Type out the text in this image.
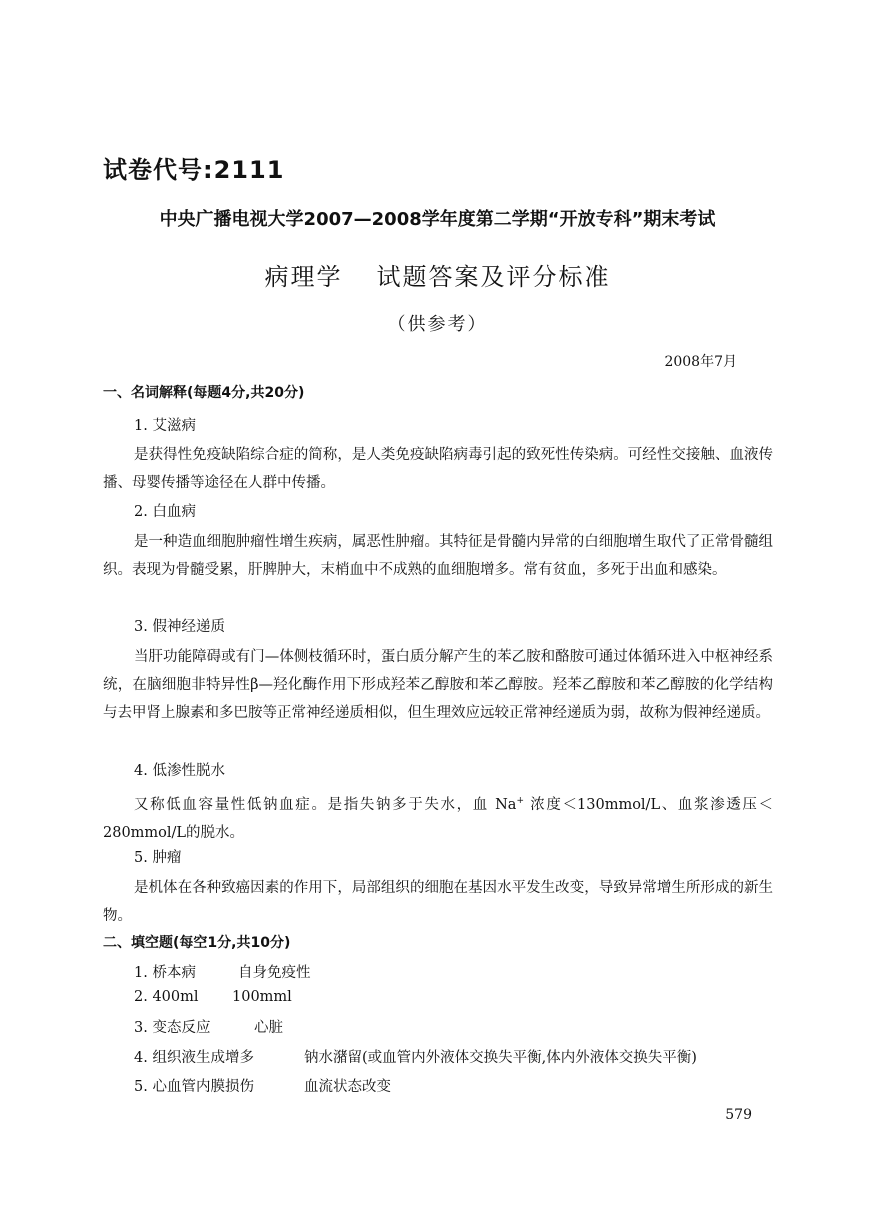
试卷代号:2111
中央广播电视大学2007—2008学年度第二学期“开放专科”期末考试
病理学 试题答案及评分标准
（供参考）
2008年7月
一、名词解释(每题4分,共20分)
1. 艾滋病

是获得性免疫缺陷综合症的简称，是人类免疫缺陷病毒引起的致死性传染病。可经性交接触、血液传播、母婴传播等途径在人群中传播。

2. 白血病

是一种造血细胞肿瘤性增生疾病，属恶性肿瘤。其特征是骨髓内异常的白细胞增生取代了正常骨髓组织。表现为骨髓受累，肝脾肿大，末梢血中不成熟的血细胞增多。常有贫血，多死于出血和感染。

3. 假神经递质

当肝功能障碍或有门—体侧枝循环时，蛋白质分解产生的苯乙胺和酪胺可通过体循环进入中枢神经系统，在脑细胞非特异性β—羟化酶作用下形成羟苯乙醇胺和苯乙醇胺。羟苯乙醇胺和苯乙醇胺的化学结构与去甲肾上腺素和多巴胺等正常神经递质相似，但生理效应远较正常神经递质为弱，故称为假神经递质。

4. 低渗性脱水

又称低血容量性低钠血症。是指失钠多于失水，血 Na+ 浓度＜130mmol/L、血浆渗透压＜280mmol/L的脱水。

5. 肿瘤

是机体在各种致癌因素的作用下，局部组织的细胞在基因水平发生改变，导致异常增生所形成的新生物。

二、填空题(每空1分,共10分)
1. 桥本病	自身免疫性
2. 400ml 100mml
3. 变态反应	心脏
4. 组织液生成增多	钠水潴留(或血管内外液体交换失平衡,体内外液体交换失平衡)
5. 心血管内膜损伤	血流状态改变
579
